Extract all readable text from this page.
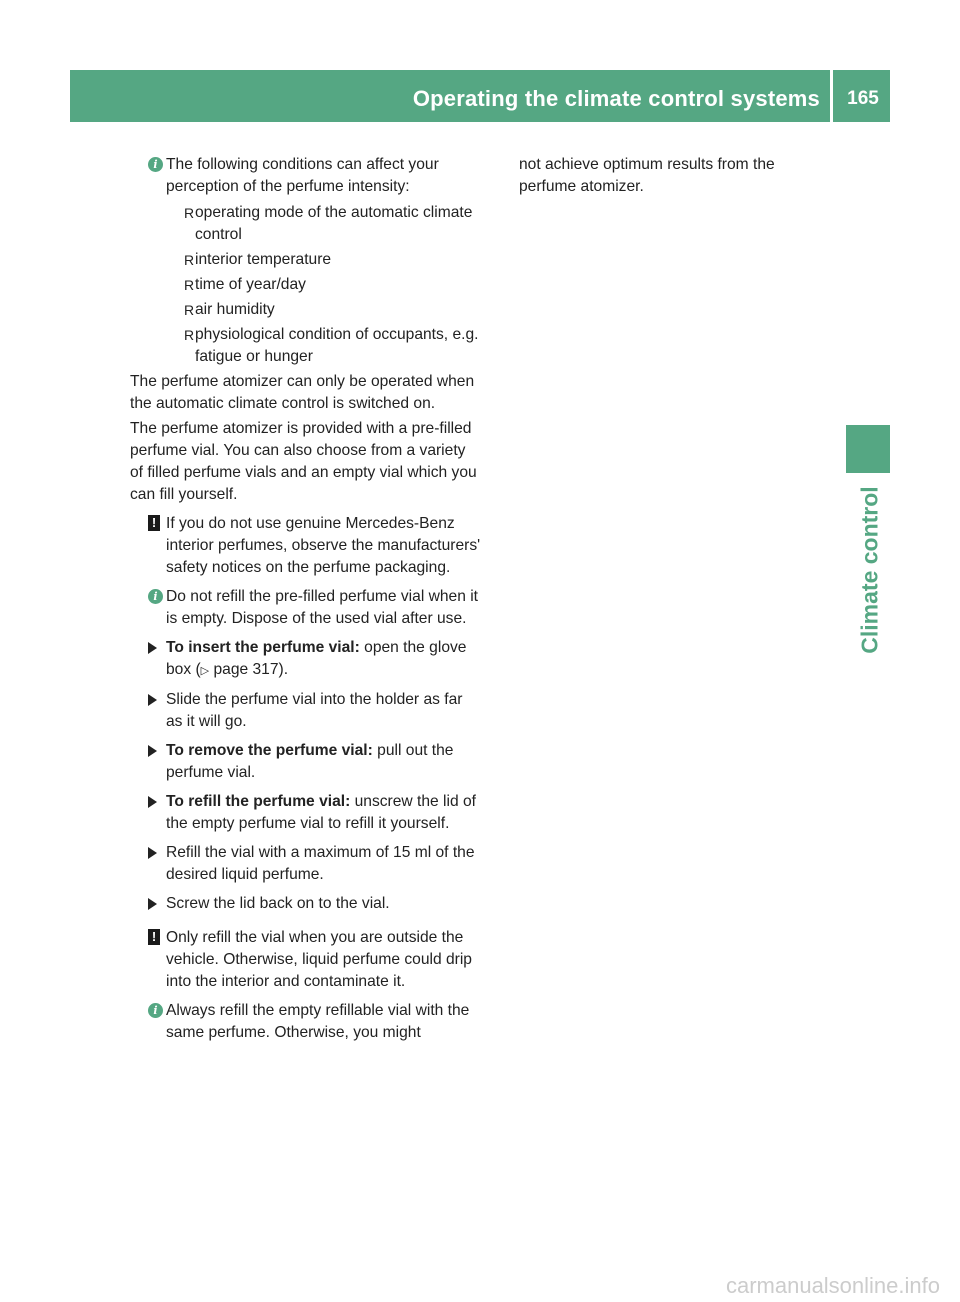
Operating the climate control systems	165
Climate control
i The following conditions can affect your perception of the perfume intensity:

R operating mode of the automatic climate control
R interior temperature
R time of year/day
R air humidity
R physiological condition of occupants, e.g. fatigue or hunger

The perfume atomizer can only be operated when the automatic climate control is switched on.

The perfume atomizer is provided with a pre-filled perfume vial. You can also choose from a variety of filled perfume vials and an empty vial which you can fill yourself.

! If you do not use genuine Mercedes-Benz interior perfumes, observe the manufacturers' safety notices on the perfume packaging.

i Do not refill the pre-filled perfume vial when it is empty. Dispose of the used vial after use.

To insert the perfume vial: open the glove box (▷ page 317).

Slide the perfume vial into the holder as far as it will go.

To remove the perfume vial: pull out the perfume vial.

To refill the perfume vial: unscrew the lid of the empty perfume vial to refill it yourself.

Refill the vial with a maximum of 15 ml of the desired liquid perfume.

Screw the lid back on to the vial.

! Only refill the vial when you are outside the vehicle. Otherwise, liquid perfume could drip into the interior and contaminate it.

i Always refill the empty refillable vial with the same perfume. Otherwise, you might

not achieve optimum results from the perfume atomizer.

carmanualsonline.info
